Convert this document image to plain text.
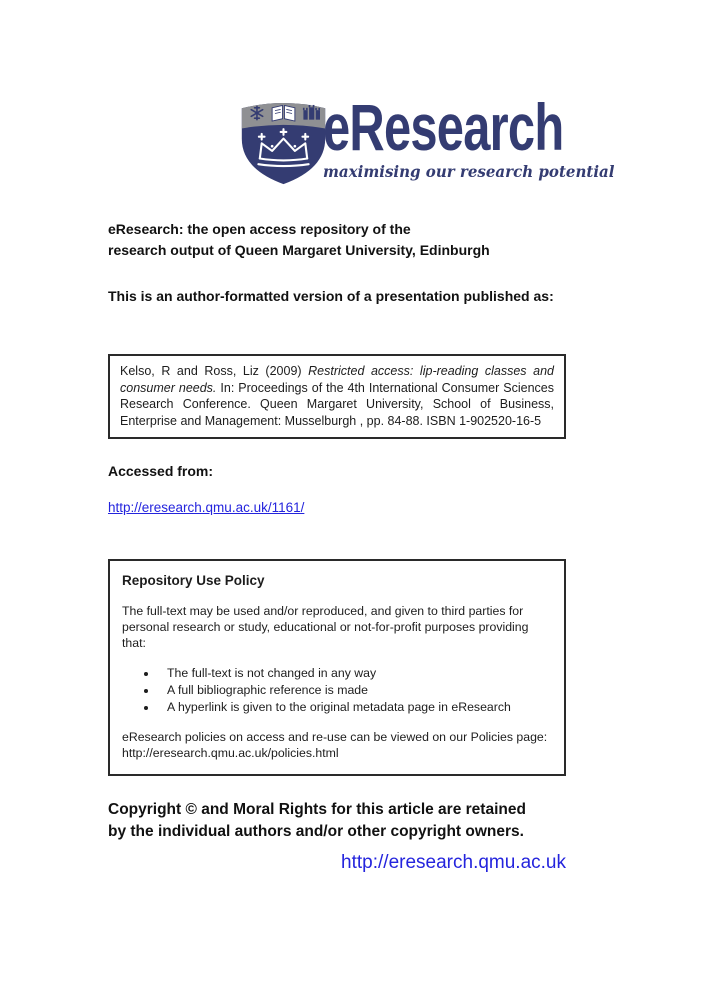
eResearch
maximising our research potential
eResearch: the open access repository of the
research output of Queen Margaret University, Edinburgh
This is an author-formatted version of a presentation published as:
Kelso, R and Ross, Liz (2009) Restricted access: lip-reading classes and consumer needs. In: Proceedings of the 4th International Consumer Sciences Research Conference. Queen Margaret University, School of Business, Enterprise and Management: Musselburgh , pp. 84-88. ISBN 1-902520-16-5
Accessed from:
http://eresearch.qmu.ac.uk/1161/
Repository Use Policy

The full-text may be used and/or reproduced, and given to third parties for personal research or study, educational or not-for-profit purposes providing that:

• The full-text is not changed in any way
• A full bibliographic reference is made
• A hyperlink is given to the original metadata page in eResearch

eResearch policies on access and re-use can be viewed on our Policies page:
http://eresearch.qmu.ac.uk/policies.html

Copyright © and Moral Rights for this article are retained
by the individual authors and/or other copyright owners.
http://eresearch.qmu.ac.uk
